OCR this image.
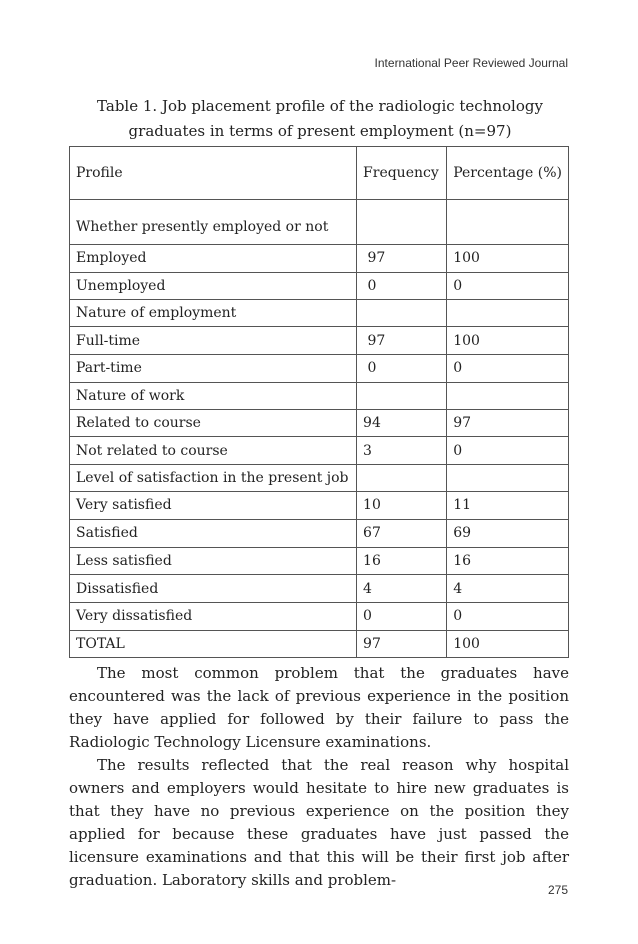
International Peer Reviewed Journal
Table 1. Job placement profile of the radiologic technology
graduates in terms of present employment (n=97)
Profile	Frequency	Percentage (%)
Whether presently employed or not		
Employed	97	100
Unemployed	0	0
Nature of employment		
Full-time	97	100
Part-time	0	0
Nature of work		
Related to course	94	97
Not related to course	3	0
Level of satisfaction in the present job		
Very satisfied	10	11
Satisfied	67	69
Less satisfied	16	16
Dissatisfied	4	4
Very dissatisfied	0	0
TOTAL	97	100

The most common problem that the graduates have encountered was the lack of previous experience in the position they have applied for followed by their failure to pass the Radiologic Technology Licensure examinations.

The results reflected that the real reason why hospital owners and employers would hesitate to hire new graduates is that they have no previous experience on the position they applied for because these graduates have just passed the licensure examinations and that this will be their first job after graduation. Laboratory skills and problem-

275
